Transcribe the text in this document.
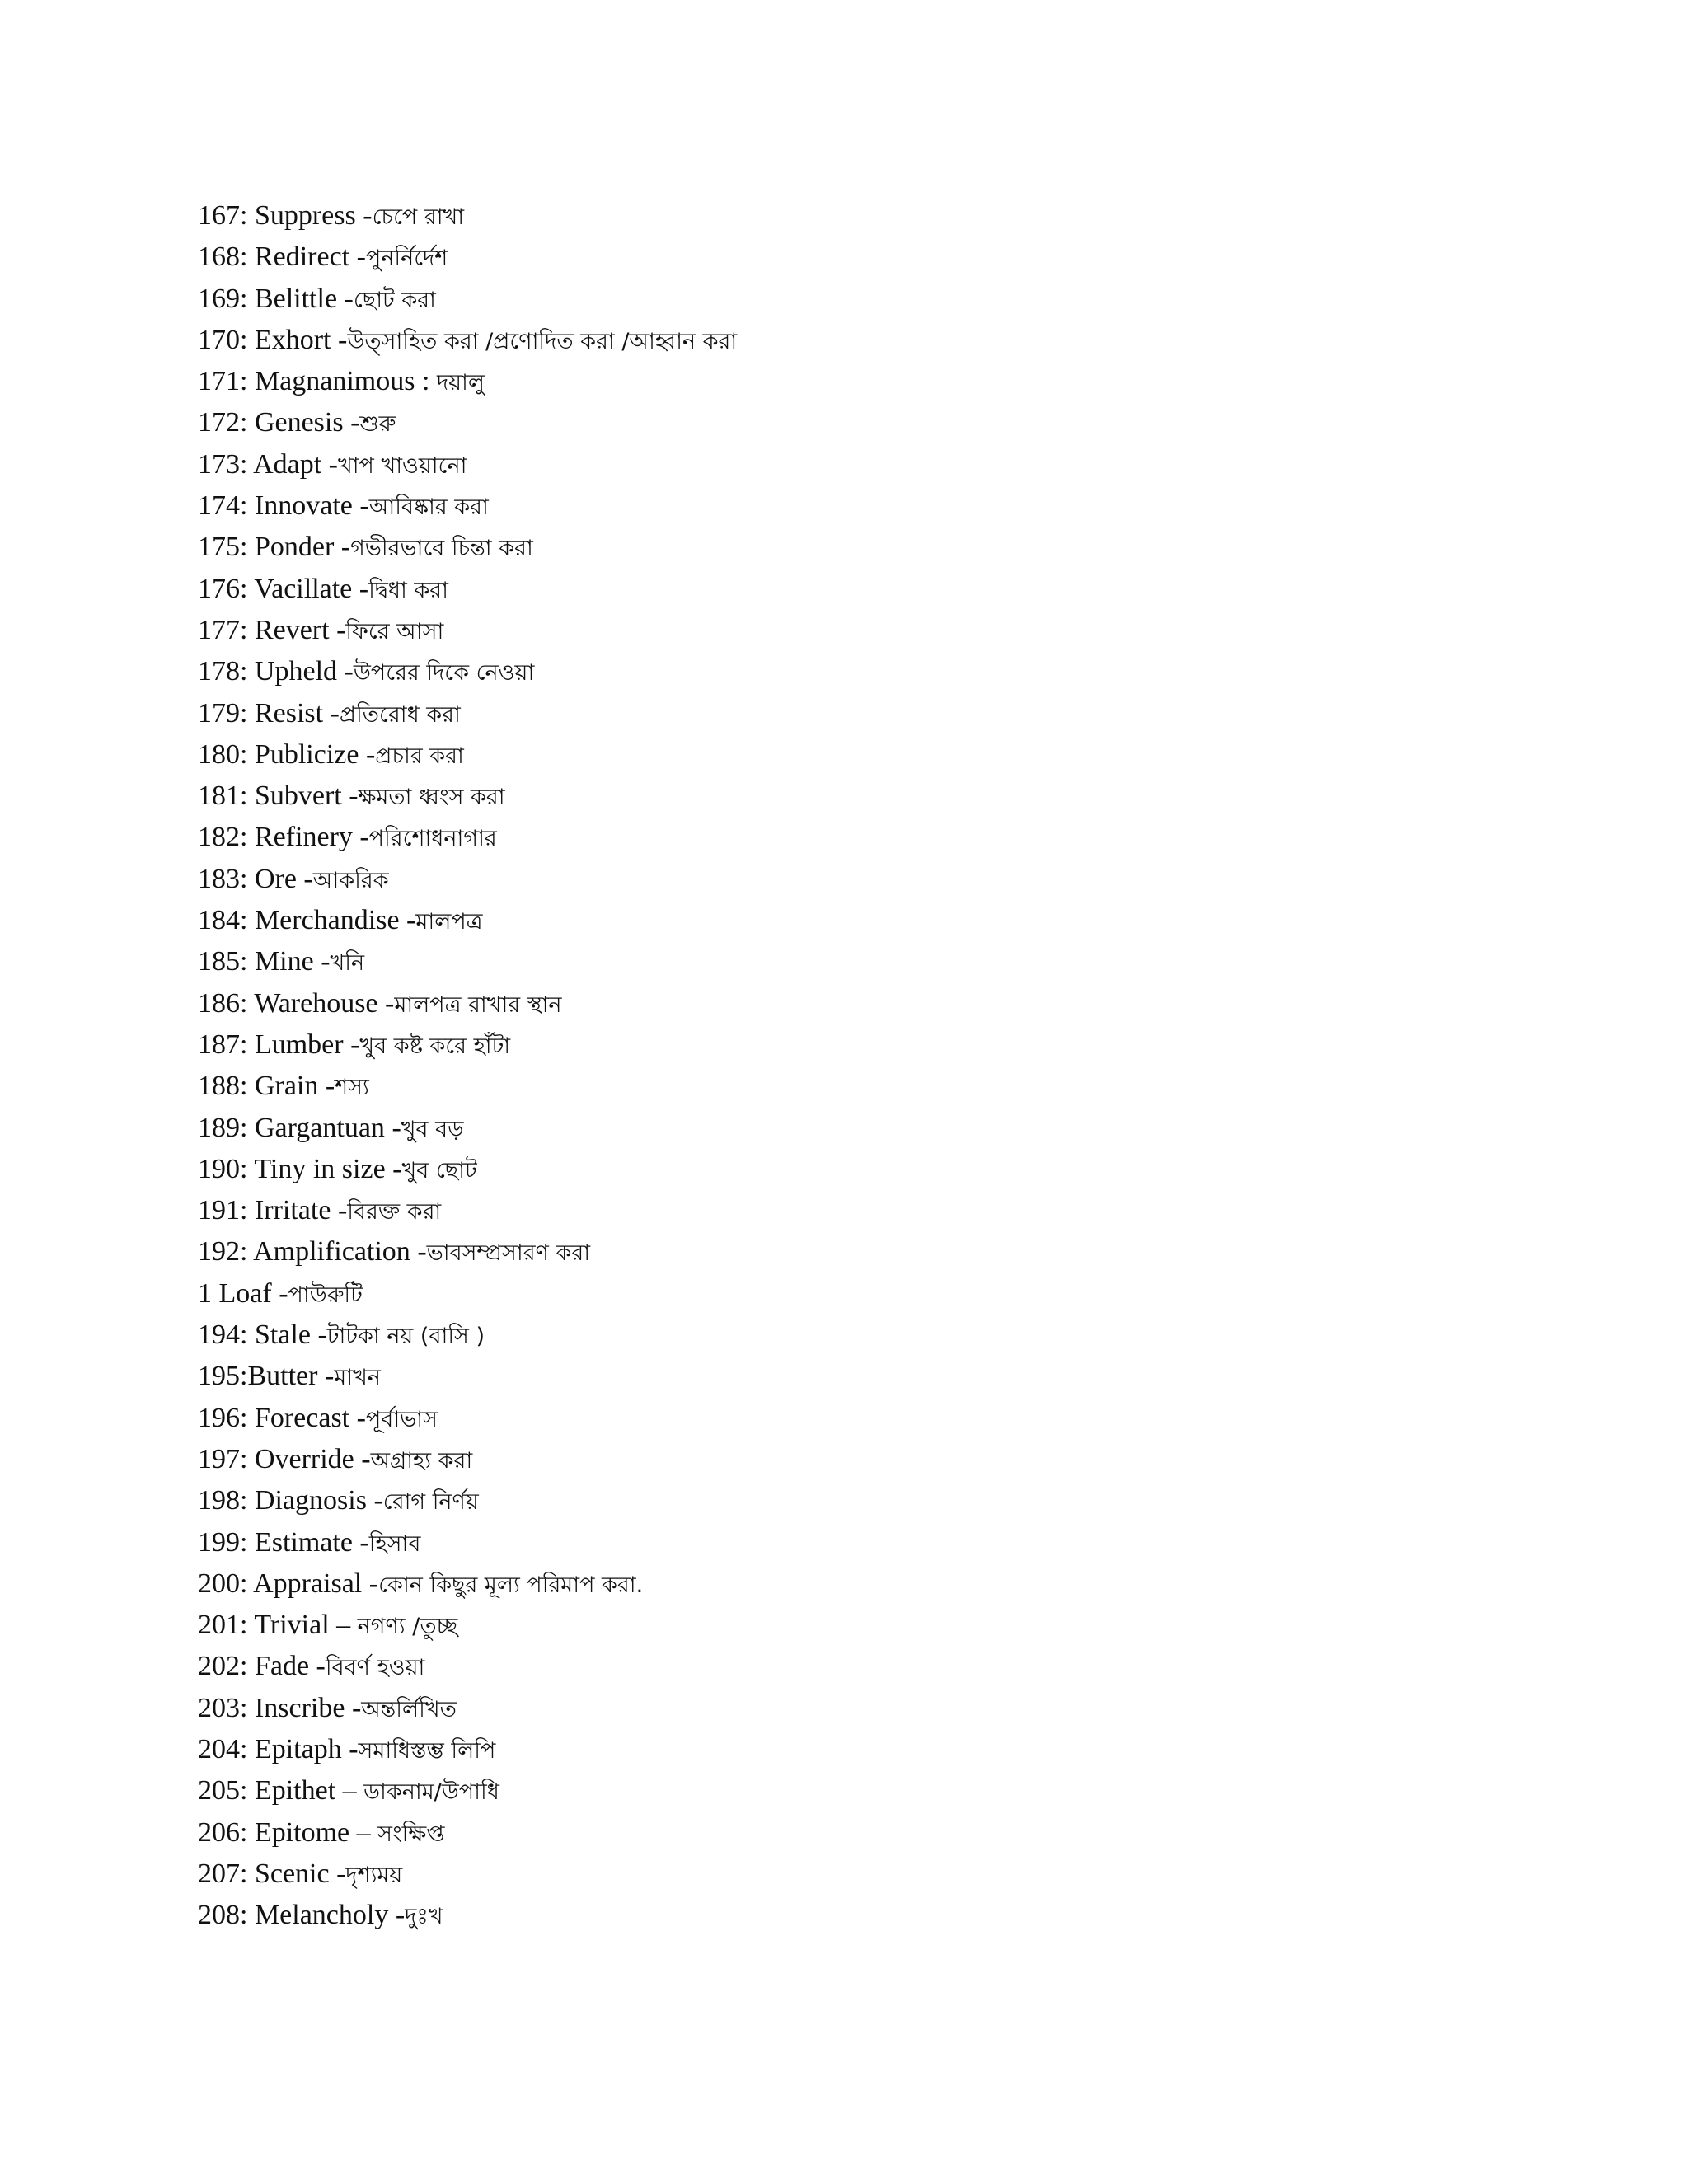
167: Suppress -চেপে রাখা
168: Redirect -পুনর্নির্দেশ
169: Belittle -ছোট করা
170: Exhort -উত্সাহিত করা /প্রণোদিত করা /আহ্বান করা
171: Magnanimous : দয়ালু
172: Genesis -শুরু
173: Adapt -খাপ খাওয়ানো
174: Innovate -আবিষ্কার করা
175: Ponder -গভীরভাবে চিন্তা করা
176: Vacillate -দ্বিধা করা
177: Revert -ফিরে আসা
178: Upheld -উপরের দিকে নেওয়া
179: Resist -প্রতিরোধ করা
180: Publicize -প্রচার করা
181: Subvert -ক্ষমতা ধ্বংস করা
182: Refinery -পরিশোধনাগার
183: Ore -আকরিক
184: Merchandise -মালপত্র
185: Mine -খনি
186: Warehouse -মালপত্র রাখার স্থান
187: Lumber -খুব কষ্ট করে হাঁটা
188: Grain -শস্য
189: Gargantuan -খুব বড়
190: Tiny in size -খুব ছোট
191: Irritate -বিরক্ত করা
192: Amplification -ভাবসম্প্রসারণ করা
1 Loaf -পাউরুটি
194: Stale -টাটকা নয় (বাসি )
195:Butter -মাখন
196: Forecast -পূর্বাভাস
197: Override -অগ্রাহ্য করা
198: Diagnosis -রোগ নির্ণয়
199: Estimate -হিসাব
200: Appraisal -কোন কিছুর মূল্য পরিমাপ করা.
201: Trivial – নগণ্য /তুচ্ছ
202: Fade -বিবর্ণ হওয়া
203: Inscribe -অন্তর্লিখিত
204: Epitaph -সমাধিস্তম্ভ লিপি
205: Epithet – ডাকনাম/উপাধি
206: Epitome – সংক্ষিপ্ত
207: Scenic -দৃশ্যময়
208: Melancholy -দুঃখ
